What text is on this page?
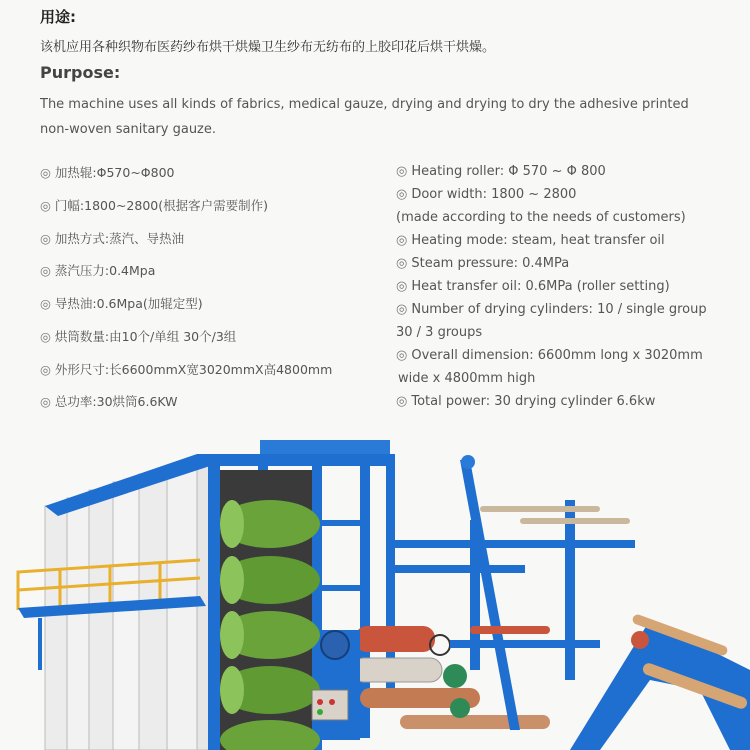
用途:
该机应用各种织物布医药纱布烘干烘燥卫生纱布无纺布的上胶印花后烘干烘燥。
Purpose:
The machine uses all kinds of fabrics, medical gauze, drying and drying to dry the adhesive printed non-woven sanitary gauze.
◎ 加热辊:Φ570~Φ800
◎ 门幅:1800~2800(根据客户需要制作)
◎ 加热方式:蒸汽、导热油
◎ 蒸汽压力:0.4Mpa
◎ 导热油:0.6Mpa(加辊定型)
◎ 烘筒数量:由10个/单组 30个/3组
◎ 外形尺寸:长6600mmX宽3020mmX高4800mm
◎ 总功率:30烘筒6.6KW
◎ Heating roller: Φ 570 ~ Φ 800
◎ Door width: 1800 ~ 2800
(made according to the needs of customers)
◎ Heating mode: steam, heat transfer oil
◎ Steam pressure: 0.4MPa
◎ Heat transfer oil: 0.6MPa (roller setting)
◎ Number of drying cylinders: 10 / single group
30 / 3 groups
◎ Overall dimension: 6600mm long x 3020mm
wide x 4800mm high
◎ Total power: 30 drying cylinder 6.6kw
